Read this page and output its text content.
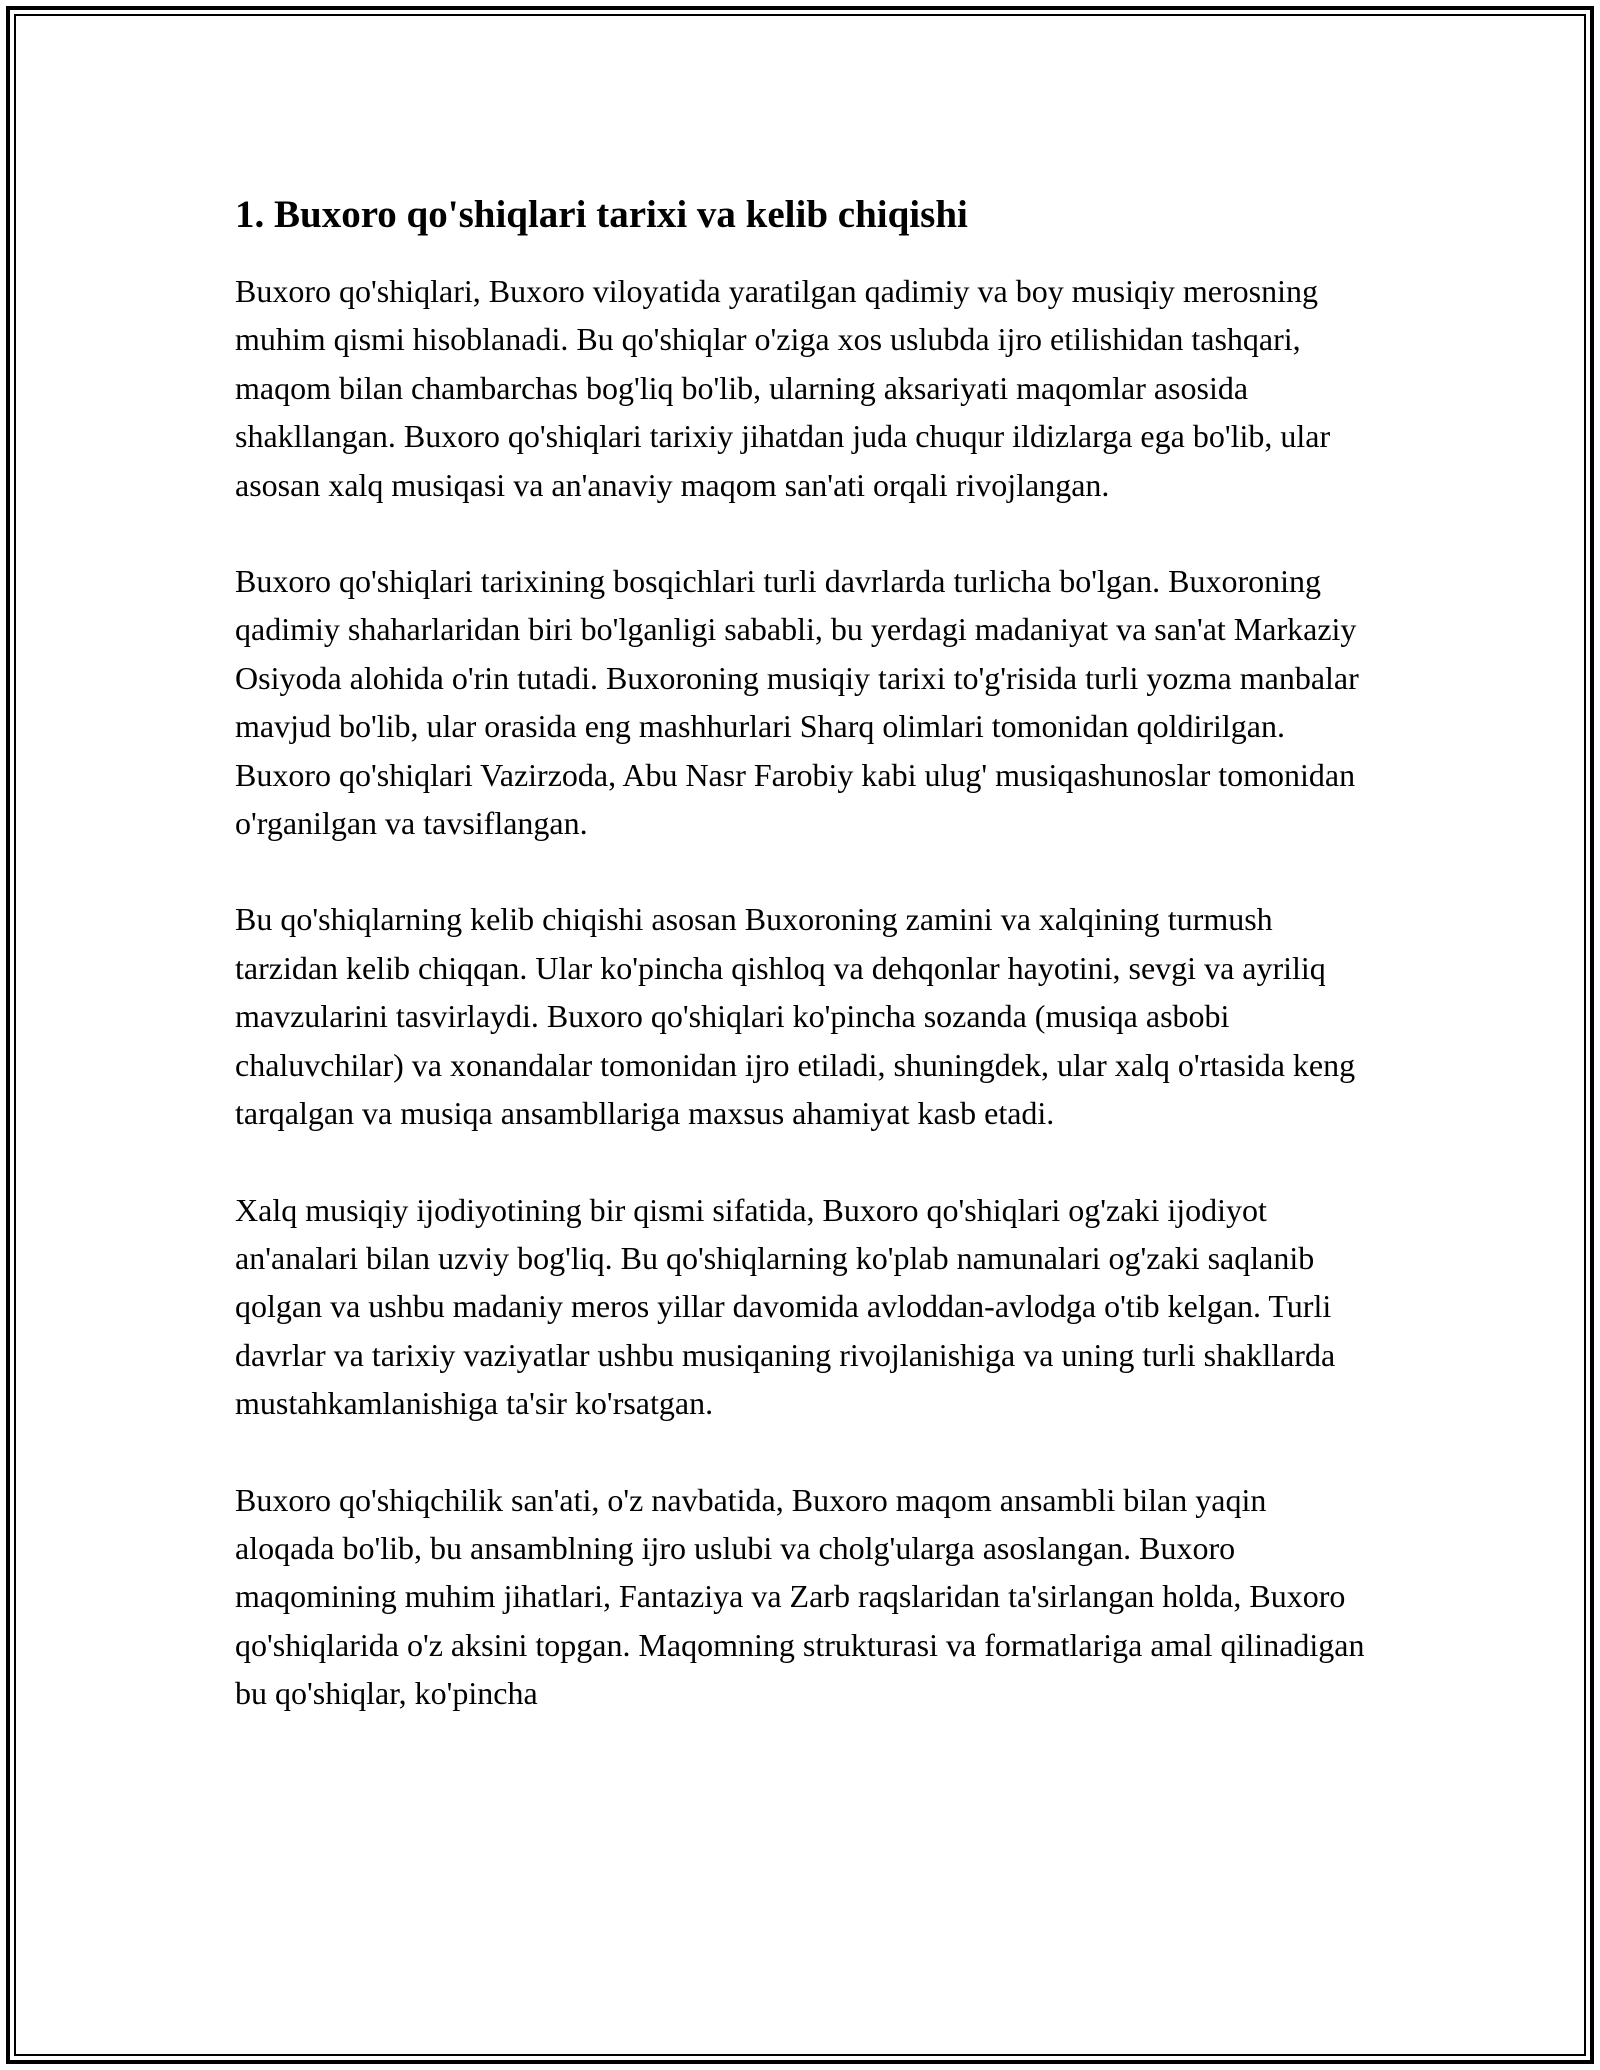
1. Buxoro qo'shiqlari tarixi va kelib chiqishi

Buxoro qo'shiqlari, Buxoro viloyatida yaratilgan qadimiy va boy musiqiy merosning muhim qismi hisoblanadi. Bu qo'shiqlar o'ziga xos uslubda ijro etilishidan tashqari, maqom bilan chambarchas bog'liq bo'lib, ularning aksariyati maqomlar asosida shakllangan. Buxoro qo'shiqlari tarixiy jihatdan juda chuqur ildizlarga ega bo'lib, ular asosan xalq musiqasi va an'anaviy maqom san'ati orqali rivojlangan.

Buxoro qo'shiqlari tarixining bosqichlari turli davrlarda turlicha bo'lgan. Buxoroning qadimiy shaharlaridan biri bo'lganligi sababli, bu yerdagi madaniyat va san'at Markaziy Osiyoda alohida o'rin tutadi. Buxoroning musiqiy tarixi to'g'risida turli yozma manbalar mavjud bo'lib, ular orasida eng mashhurlari Sharq olimlari tomonidan qoldirilgan. Buxoro qo'shiqlari Vazirzoda, Abu Nasr Farobiy kabi ulug' musiqashunoslar tomonidan o'rganilgan va tavsiflangan.

Bu qo'shiqlarning kelib chiqishi asosan Buxoroning zamini va xalqining turmush tarzidan kelib chiqqan. Ular ko'pincha qishloq va dehqonlar hayotini, sevgi va ayriliq mavzularini tasvirlaydi. Buxoro qo'shiqlari ko'pincha sozanda (musiqa asbobi chaluvchilar) va xonandalar tomonidan ijro etiladi, shuningdek, ular xalq o'rtasida keng tarqalgan va musiqa ansambllariga maxsus ahamiyat kasb etadi.

Xalq musiqiy ijodiyotining bir qismi sifatida, Buxoro qo'shiqlari og'zaki ijodiyot an'analari bilan uzviy bog'liq. Bu qo'shiqlarning ko'plab namunalari og'zaki saqlanib qolgan va ushbu madaniy meros yillar davomida avloddan-avlodga o'tib kelgan. Turli davrlar va tarixiy vaziyatlar ushbu musiqaning rivojlanishiga va uning turli shakllarda mustahkamlanishiga ta'sir ko'rsatgan.

Buxoro qo'shiqchilik san'ati, o'z navbatida, Buxoro maqom ansambli bilan yaqin aloqada bo'lib, bu ansamblning ijro uslubi va cholg'ularga asoslangan. Buxoro maqomining muhim jihatlari, Fantaziya va Zarb raqslaridan ta'sirlangan holda, Buxoro qo'shiqlarida o'z aksini topgan. Maqomning strukturasi va formatlariga amal qilinadigan bu qo'shiqlar, ko'pincha
